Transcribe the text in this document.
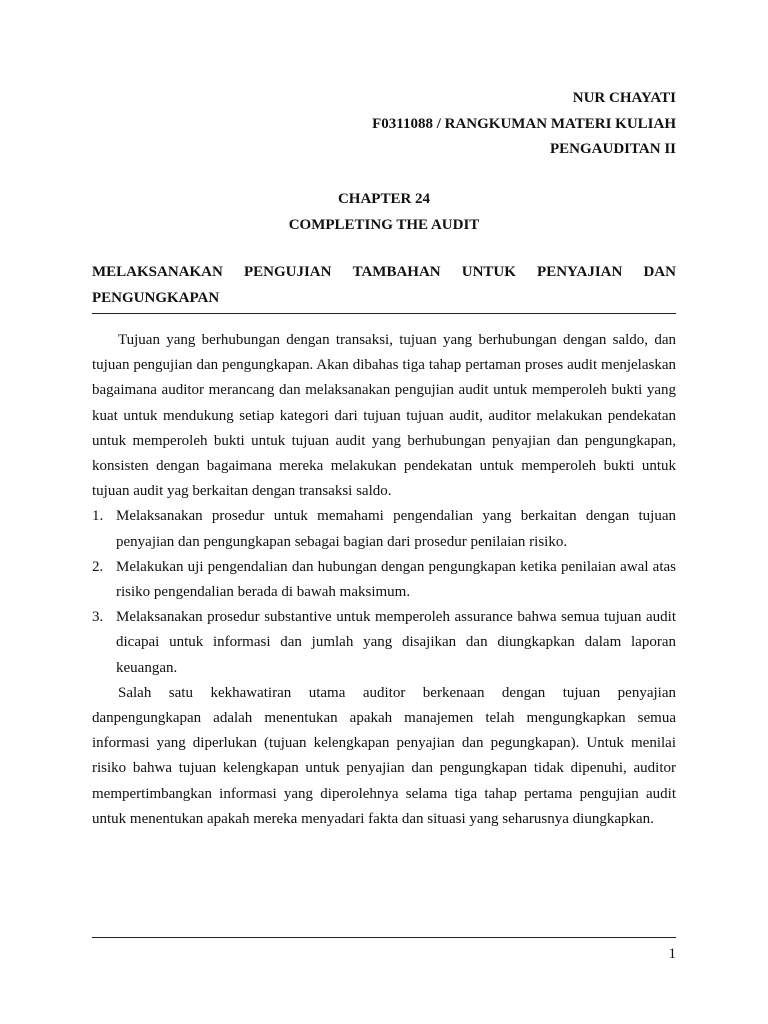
NUR CHAYATI
F0311088 / RANGKUMAN MATERI KULIAH
PENGAUDITAN II
CHAPTER 24
COMPLETING THE AUDIT
MELAKSANAKAN PENGUJIAN TAMBAHAN UNTUK PENYAJIAN DAN
PENGUNGKAPAN

Tujuan yang berhubungan dengan transaksi, tujuan yang berhubungan dengan saldo, dan tujuan pengujian dan pengungkapan. Akan dibahas tiga tahap pertaman proses audit menjelaskan bagaimana auditor merancang dan melaksanakan pengujian audit untuk memperoleh bukti yang kuat untuk mendukung setiap kategori dari tujuan tujuan audit, auditor melakukan pendekatan untuk memperoleh bukti untuk tujuan audit yang berhubungan penyajian dan pengungkapan, konsisten dengan bagaimana mereka melakukan pendekatan untuk memperoleh bukti untuk tujuan audit yag berkaitan dengan transaksi saldo.

1. Melaksanakan prosedur untuk memahami pengendalian yang berkaitan dengan tujuan penyajian dan pengungkapan sebagai bagian dari prosedur penilaian risiko.
2. Melakukan uji pengendalian dan hubungan dengan pengungkapan ketika penilaian awal atas risiko pengendalian berada di bawah maksimum.
3. Melaksanakan prosedur substantive untuk memperoleh assurance bahwa semua tujuan audit dicapai untuk informasi dan jumlah yang disajikan dan diungkapkan dalam laporan keuangan.

Salah satu kekhawatiran utama auditor berkenaan dengan tujuan penyajian danpengungkapan adalah menentukan apakah manajemen telah mengungkapkan semua informasi yang diperlukan (tujuan kelengkapan penyajian dan pegungkapan). Untuk menilai risiko bahwa tujuan kelengkapan untuk penyajian dan pengungkapan tidak dipenuhi, auditor mempertimbangkan informasi yang diperolehnya selama tiga tahap pertama pengujian audit untuk menentukan apakah mereka menyadari fakta dan situasi yang seharusnya diungkapkan.

1
